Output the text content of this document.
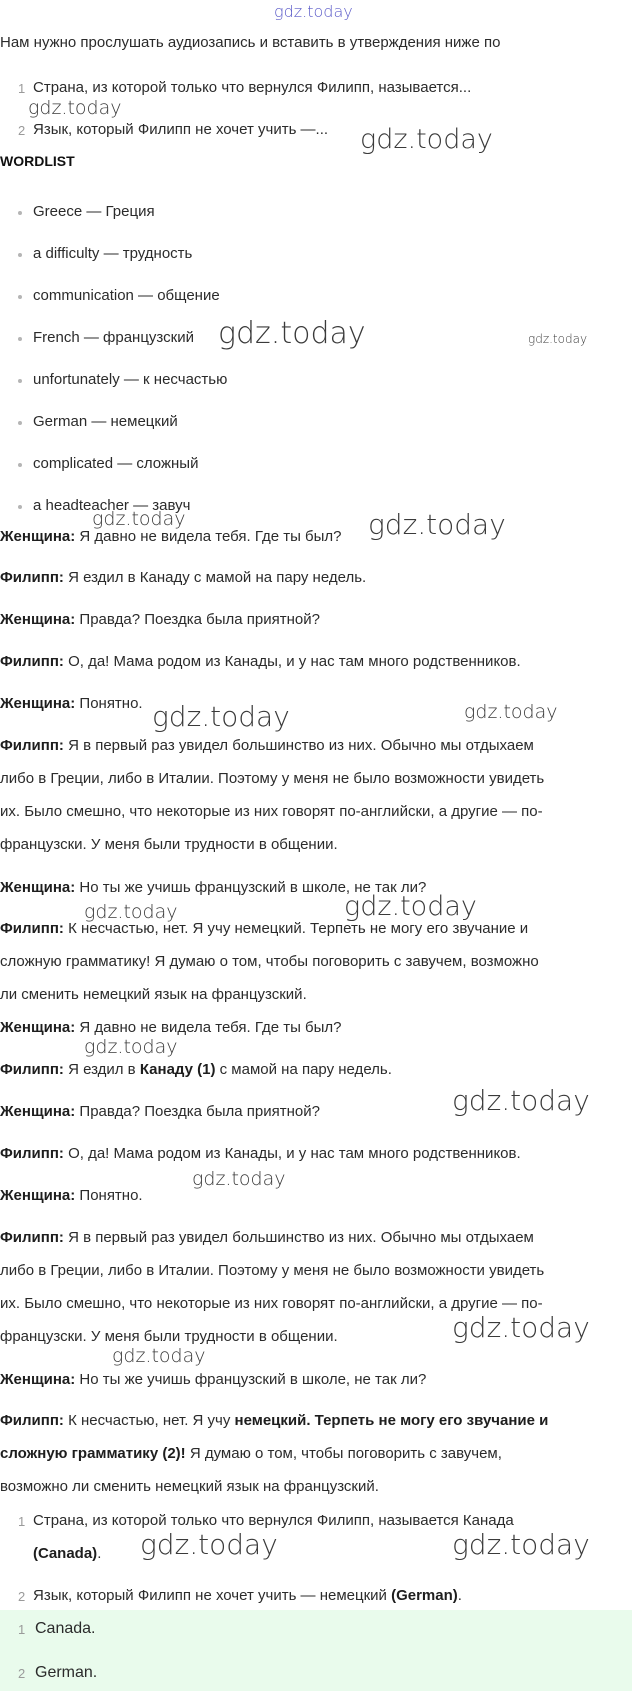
gdz.today
gdz.today
gdz.today
gdz.today	gdz.today
gdz.today	gdz.today
gdz.today	gdz.today
gdz.today
gdz.today
gdz.today
gdz.today
gdz.today
gdz.today
gdz.today
gdz.today	gdz.today
Нам нужно прослушать аудиозапись и вставить в утверждения ниже по
1 Страна, из которой только что вернулся Филипп, называется...
2 Язык, который Филипп не хочет учить —...
WORDLIST
Greece — Греция
a difficulty — трудность
communication — общение
French — французский
unfortunately — к несчастью
German — немецкий
complicated — сложный
a headteacher — завуч
Женщина: Я давно не видела тебя. Где ты был?
Филипп: Я ездил в Канаду с мамой на пару недель.
Женщина: Правда? Поездка была приятной?
Филипп: О, да! Мама родом из Канады, и у нас там много родственников.
Женщина: Понятно.
Филипп: Я в первый раз увидел большинство из них. Обычно мы отдыхаем
либо в Греции, либо в Италии. Поэтому у меня не было возможности увидеть
их. Было смешно, что некоторые из них говорят по-английски, а другие — по-
французски. У меня были трудности в общении.
Женщина: Но ты же учишь французский в школе, не так ли?
Филипп: К несчастью, нет. Я учу немецкий. Терпеть не могу его звучание и
сложную грамматику! Я думаю о том, чтобы поговорить с завучем, возможно
ли сменить немецкий язык на французский.
Женщина: Я давно не видела тебя. Где ты был?
Филипп: Я ездил в Канаду (1) с мамой на пару недель.
Женщина: Правда? Поездка была приятной?
Филипп: О, да! Мама родом из Канады, и у нас там много родственников.
Женщина: Понятно.
Филипп: Я в первый раз увидел большинство из них. Обычно мы отдыхаем
либо в Греции, либо в Италии. Поэтому у меня не было возможности увидеть
их. Было смешно, что некоторые из них говорят по-английски, а другие — по-
французски. У меня были трудности в общении.
Женщина: Но ты же учишь французский в школе, не так ли?
Филипп: К несчастью, нет. Я учу немецкий. Терпеть не могу его звучание и
сложную грамматику (2)! Я думаю о том, чтобы поговорить с завучем,
возможно ли сменить немецкий язык на французский.
1 Страна, из которой только что вернулся Филипп, называется Канада
(Canada).
2 Язык, который Филипп не хочет учить — немецкий (German).
1 Canada.
2 German.
